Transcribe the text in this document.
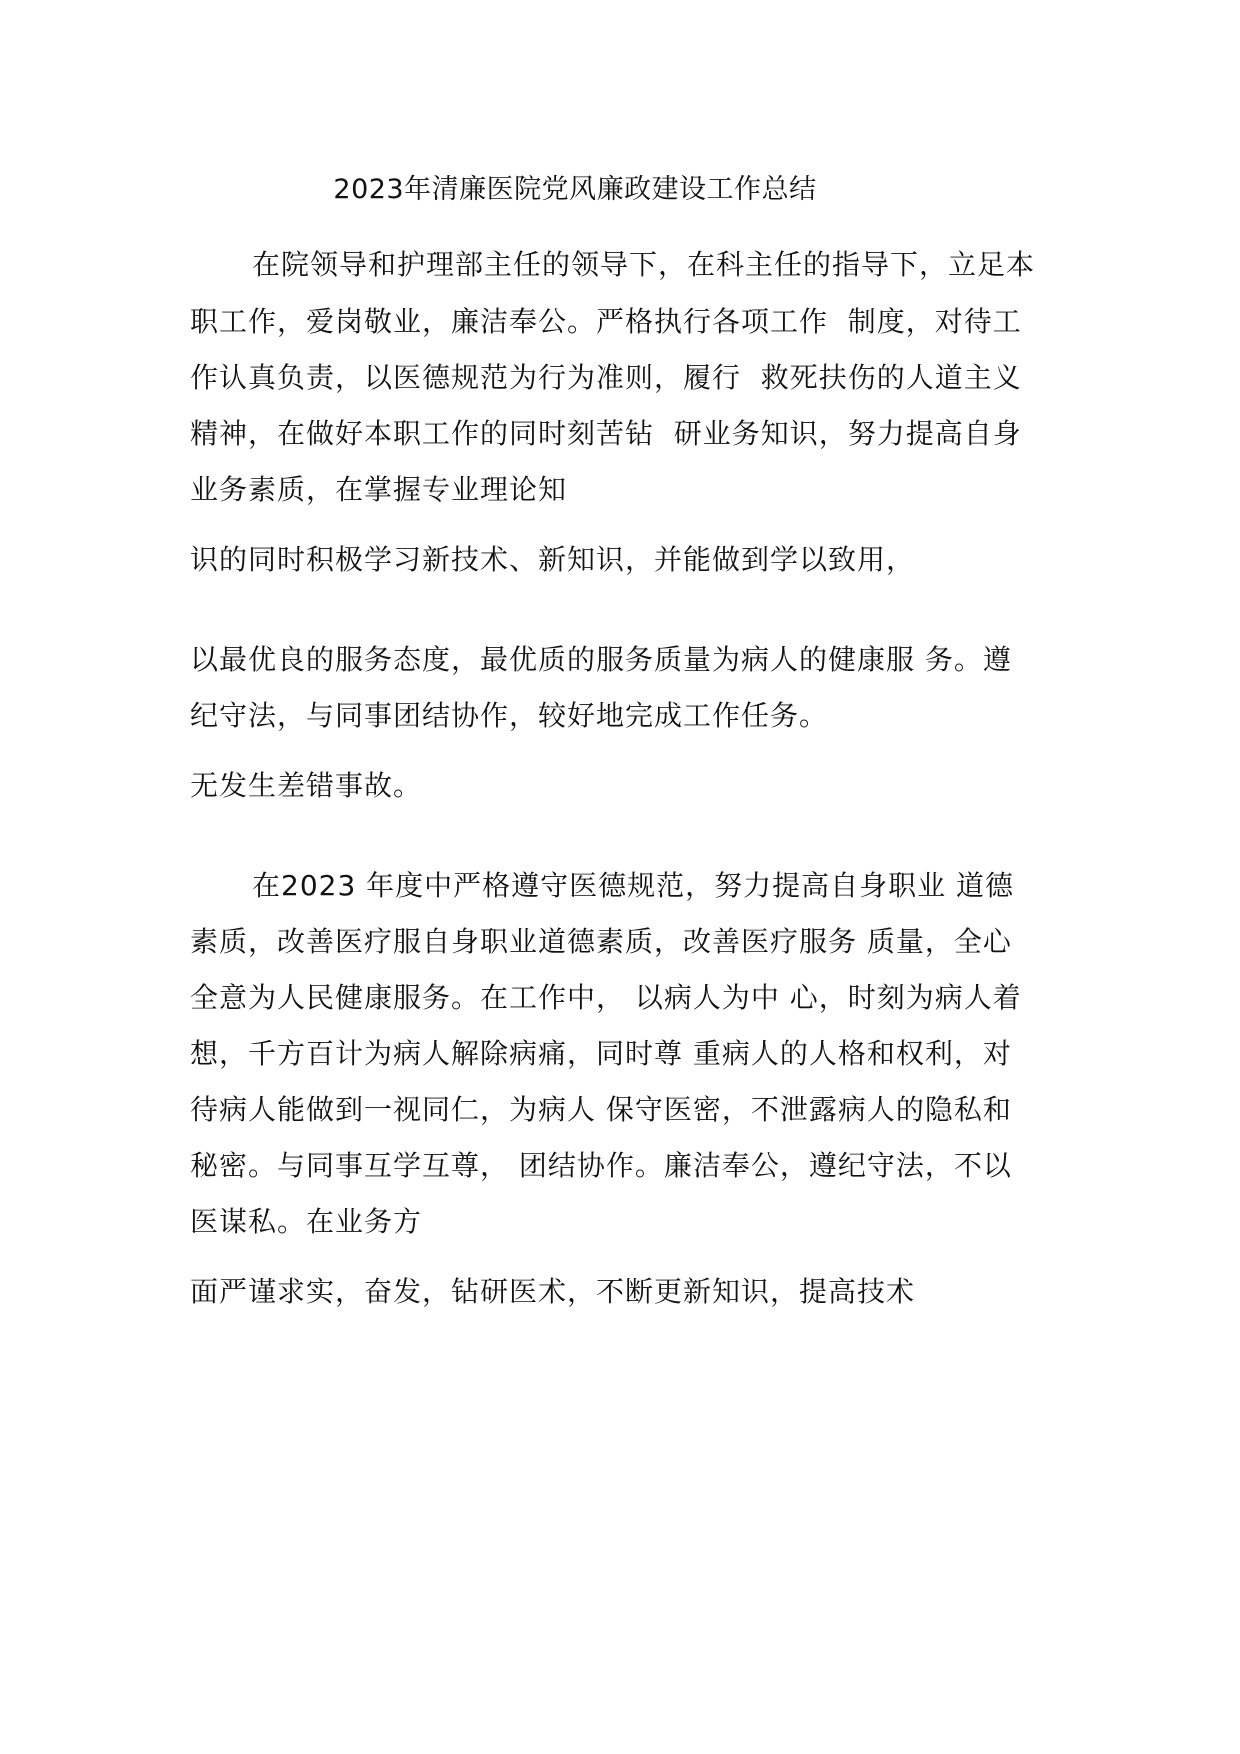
2023年清廉医院党风廉政建设工作总结
在院领导和护理部主任的领导下，在科主任的指导下，立足本
职工作，爱岗敬业，廉洁奉公。严格执行各项工作  制度，对待工
作认真负责，以医德规范为行为准则，履行  救死扶伤的人道主义
精神，在做好本职工作的同时刻苦钻  研业务知识，努力提高自身
业务素质，在掌握专业理论知
识的同时积极学习新技术、新知识，并能做到学以致用，
以最优良的服务态度，最优质的服务质量为病人的健康服 务。遵
纪守法，与同事团结协作，较好地完成工作任务。
无发生差错事故。
在2023 年度中严格遵守医德规范，努力提高自身职业 道德
素质，改善医疗服自身职业道德素质，改善医疗服务 质量，全心
全意为人民健康服务。在工作中， 以病人为中 心，时刻为病人着
想，千方百计为病人解除病痛，同时尊 重病人的人格和权利，对
待病人能做到一视同仁，为病人 保守医密，不泄露病人的隐私和
秘密。与同事互学互尊， 团结协作。廉洁奉公，遵纪守法，不以
医谋私。在业务方
面严谨求实，奋发，钻研医术，不断更新知识，提高技术
